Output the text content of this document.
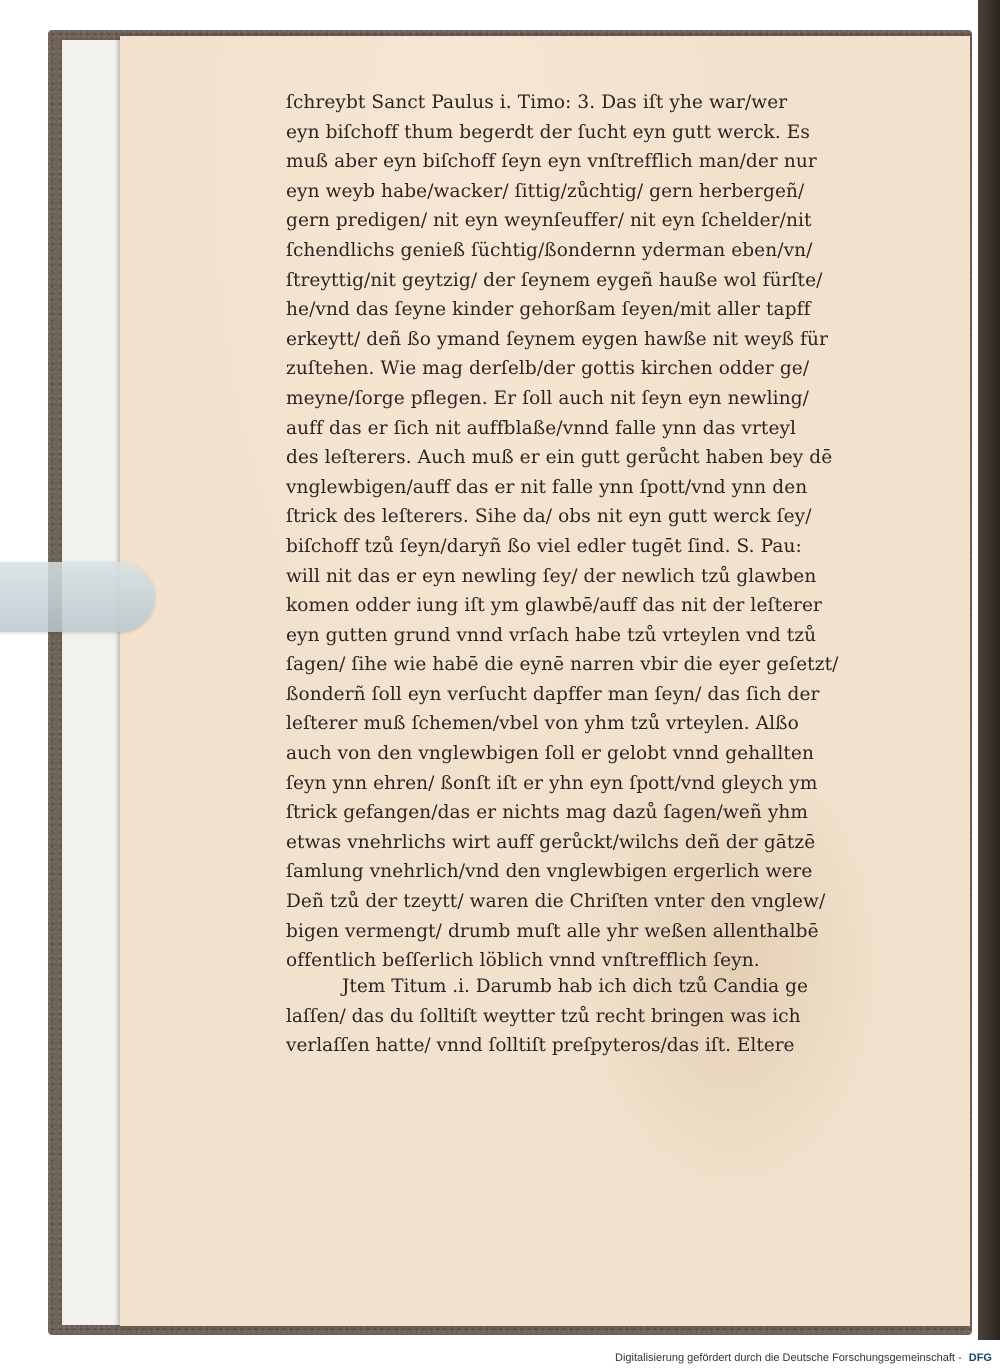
ſchreybt Sanct Paulus i. Timo: 3. Das iſt yhe war/wer
eyn biſchoff thum begerdt der ſucht eyn gutt werck. Es
muß aber eyn biſchoff ſeyn eyn vnſtrefflich man/der nur
eyn weyb habe/wacker/ ſittig/zůchtig/ gern herbergeñ/
gern predigen/ nit eyn weynſeuffer/ nit eyn ſchelder/nit
ſchendlichs genieß ſüchtig/ßondernn yderman eben/vn/
ſtreyttig/nit geytzig/ der ſeynem eygeñ hauße wol fürſte/
he/vnd das ſeyne kinder gehorßam ſeyen/mit aller tapff
erkeytt/ deñ ßo ymand ſeynem eygen hawße nit weyß für
zuſtehen. Wie mag derſelb/der gottis kirchen odder ge/
meyne/ſorge pflegen. Er ſoll auch nit ſeyn eyn newling/
auff das er ſich nit auffblaße/vnnd falle ynn das vrteyl
des leſterers. Auch muß er ein gutt gerůcht haben bey dē
vnglewbigen/auff das er nit falle ynn ſpott/vnd ynn den
ſtrick des leſterers. Sihe da/ obs nit eyn gutt werck ſey/
biſchoff tzů ſeyn/daryñ ßo viel edler tugēt ſind. S. Pau:
will nit das er eyn newling ſey/ der newlich tzů glawben
komen odder iung iſt ym glawbē/auff das nit der leſterer
eyn gutten grund vnnd vrſach habe tzů vrteylen vnd tzů
ſagen/ ſihe wie habē die eynē narren vbir die eyer geſetzt/
ßonderñ ſoll eyn verſucht dapffer man ſeyn/ das ſich der
leſterer muß ſchemen/vbel von yhm tzů vrteylen. Alßo
auch von den vnglewbigen ſoll er gelobt vnnd gehallten
ſeyn ynn ehren/ ßonſt iſt er yhn eyn ſpott/vnd gleych ym
ſtrick gefangen/das er nichts mag dazů ſagen/weñ yhm
etwas vnehrlichs wirt auff gerůckt/wilchs deñ der gātzē
ſamlung vnehrlich/vnd den vnglewbigen ergerlich were
Deñ tzů der tzeytt/ waren die Chriſten vnter den vnglew/
bigen vermengt/ drumb muſt alle yhr weßen allenthalbē
offentlich beſſerlich löblich vnnd vnſtrefflich ſeyn.
Jtem Titum .i. Darumb hab ich dich tzů Candia ge
laſſen/ das du ſolltiſt weytter tzů recht bringen was ich
verlaſſen hatte/ vnnd ſolltiſt preſpyteros/das iſt. Eltere
Digitalisierung gefördert durch die Deutsche Forschungsgemeinschaft - DFG
